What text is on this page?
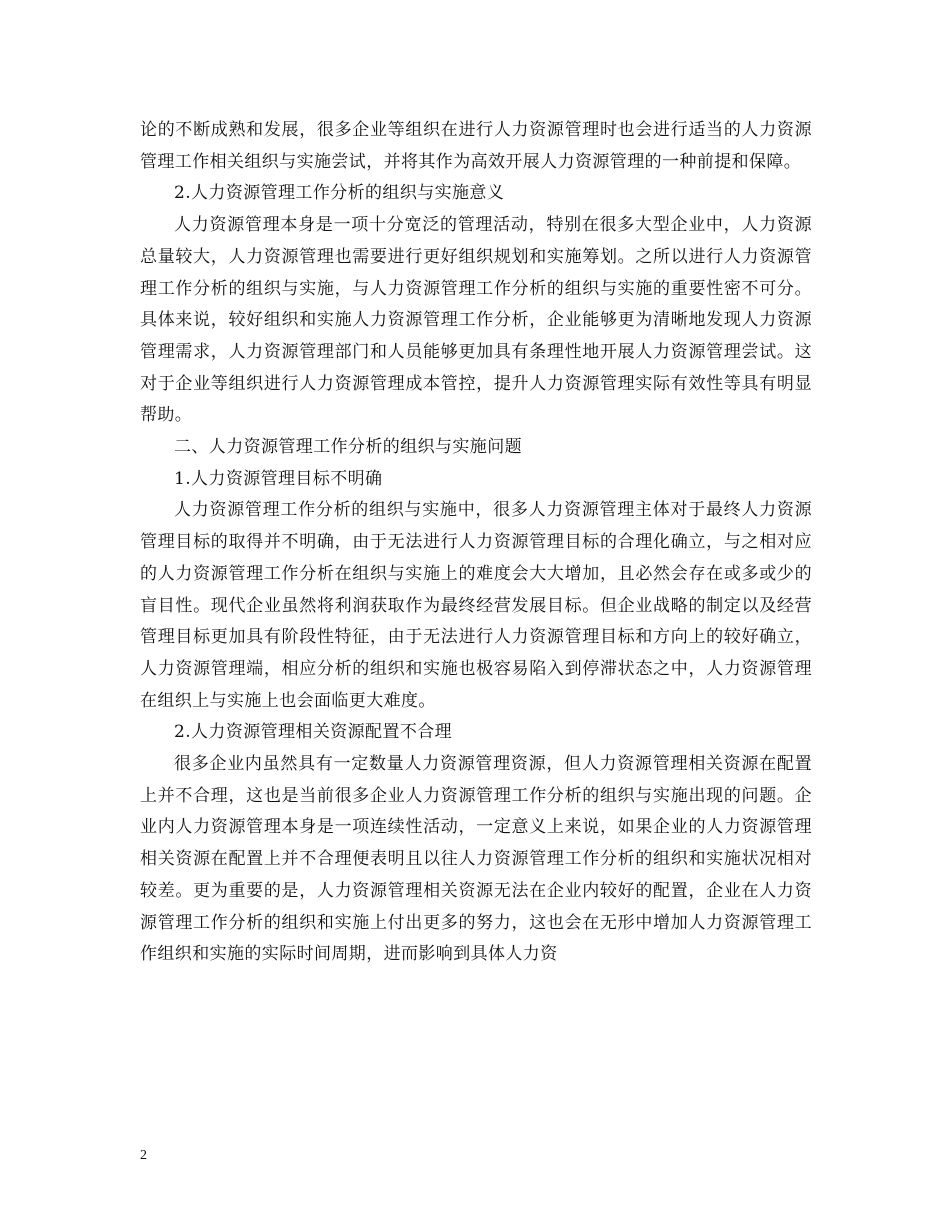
论的不断成熟和发展，很多企业等组织在进行人力资源管理时也会进行适当的人力资源管理工作相关组织与实施尝试，并将其作为高效开展人力资源管理的一种前提和保障。

2.人力资源管理工作分析的组织与实施意义

人力资源管理本身是一项十分宽泛的管理活动，特别在很多大型企业中，人力资源总量较大，人力资源管理也需要进行更好组织规划和实施筹划。之所以进行人力资源管理工作分析的组织与实施，与人力资源管理工作分析的组织与实施的重要性密不可分。具体来说，较好组织和实施人力资源管理工作分析，企业能够更为清晰地发现人力资源管理需求，人力资源管理部门和人员能够更加具有条理性地开展人力资源管理尝试。这对于企业等组织进行人力资源管理成本管控，提升人力资源管理实际有效性等具有明显帮助。

二、人力资源管理工作分析的组织与实施问题

1.人力资源管理目标不明确

人力资源管理工作分析的组织与实施中，很多人力资源管理主体对于最终人力资源管理目标的取得并不明确，由于无法进行人力资源管理目标的合理化确立，与之相对应的人力资源管理工作分析在组织与实施上的难度会大大增加，且必然会存在或多或少的盲目性。现代企业虽然将利润获取作为最终经营发展目标。但企业战略的制定以及经营管理目标更加具有阶段性特征，由于无法进行人力资源管理目标和方向上的较好确立，人力资源管理端，相应分析的组织和实施也极容易陷入到停滞状态之中，人力资源管理在组织上与实施上也会面临更大难度。

2.人力资源管理相关资源配置不合理

很多企业内虽然具有一定数量人力资源管理资源，但人力资源管理相关资源在配置上并不合理，这也是当前很多企业人力资源管理工作分析的组织与实施出现的问题。企业内人力资源管理本身是一项连续性活动，一定意义上来说，如果企业的人力资源管理相关资源在配置上并不合理便表明且以往人力资源管理工作分析的组织和实施状况相对较差。更为重要的是，人力资源管理相关资源无法在企业内较好的配置，企业在人力资源管理工作分析的组织和实施上付出更多的努力，这也会在无形中增加人力资源管理工作组织和实施的实际时间周期，进而影响到具体人力资

2
